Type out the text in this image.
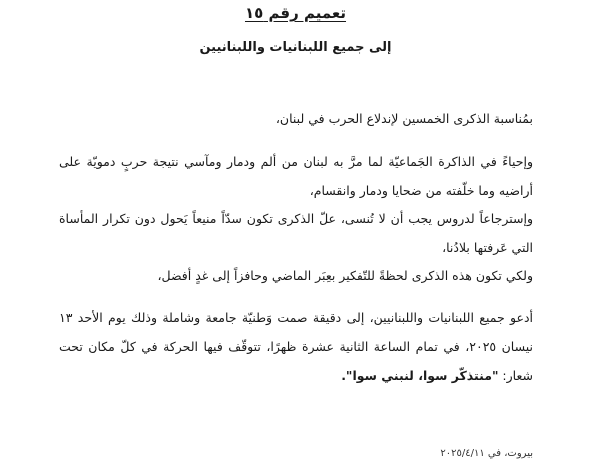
تعميم رقم ١٥
إلى جميع اللبنانيات واللبنانيين
بمُناسبة الذكرى الخمسين لإندلاع الحرب في لبنان،
وإحياءً في الذاكرة الجَماعيّة لما مرَّ به لبنان من ألم ودمار ومآسي نتيجة حربٍ دمويّة على أراضيه وما خلّفته من ضحايا ودمار وانقسام،
وإسترجاعاً لدروس يجب أن لا تُنسى، علّ الذكرى تكون سدّاً منيعاً يَحول دون تكرار المأساة التي عَرفتها بلادُنا،
ولكي تكون هذه الذكرى لحظةً للتّفكير بعِبَر الماضي وحافزاً إلى غدٍ أفضل،
أدعو جميع اللبنانيات واللبنانيين، إلى دقيقة صمت وَطنيّة جامعة وشاملة وذلك يوم الأحد ١٣ نيسان ٢٠٢٥، في تمام الساعة الثانية عشرة ظهرًا، تتوقّف فيها الحركة في كلّ مكان تحت شعار: "منتذكّر سوا، لنبني سوا".
بيروت، في ٢٠٢٥/٤/١١
